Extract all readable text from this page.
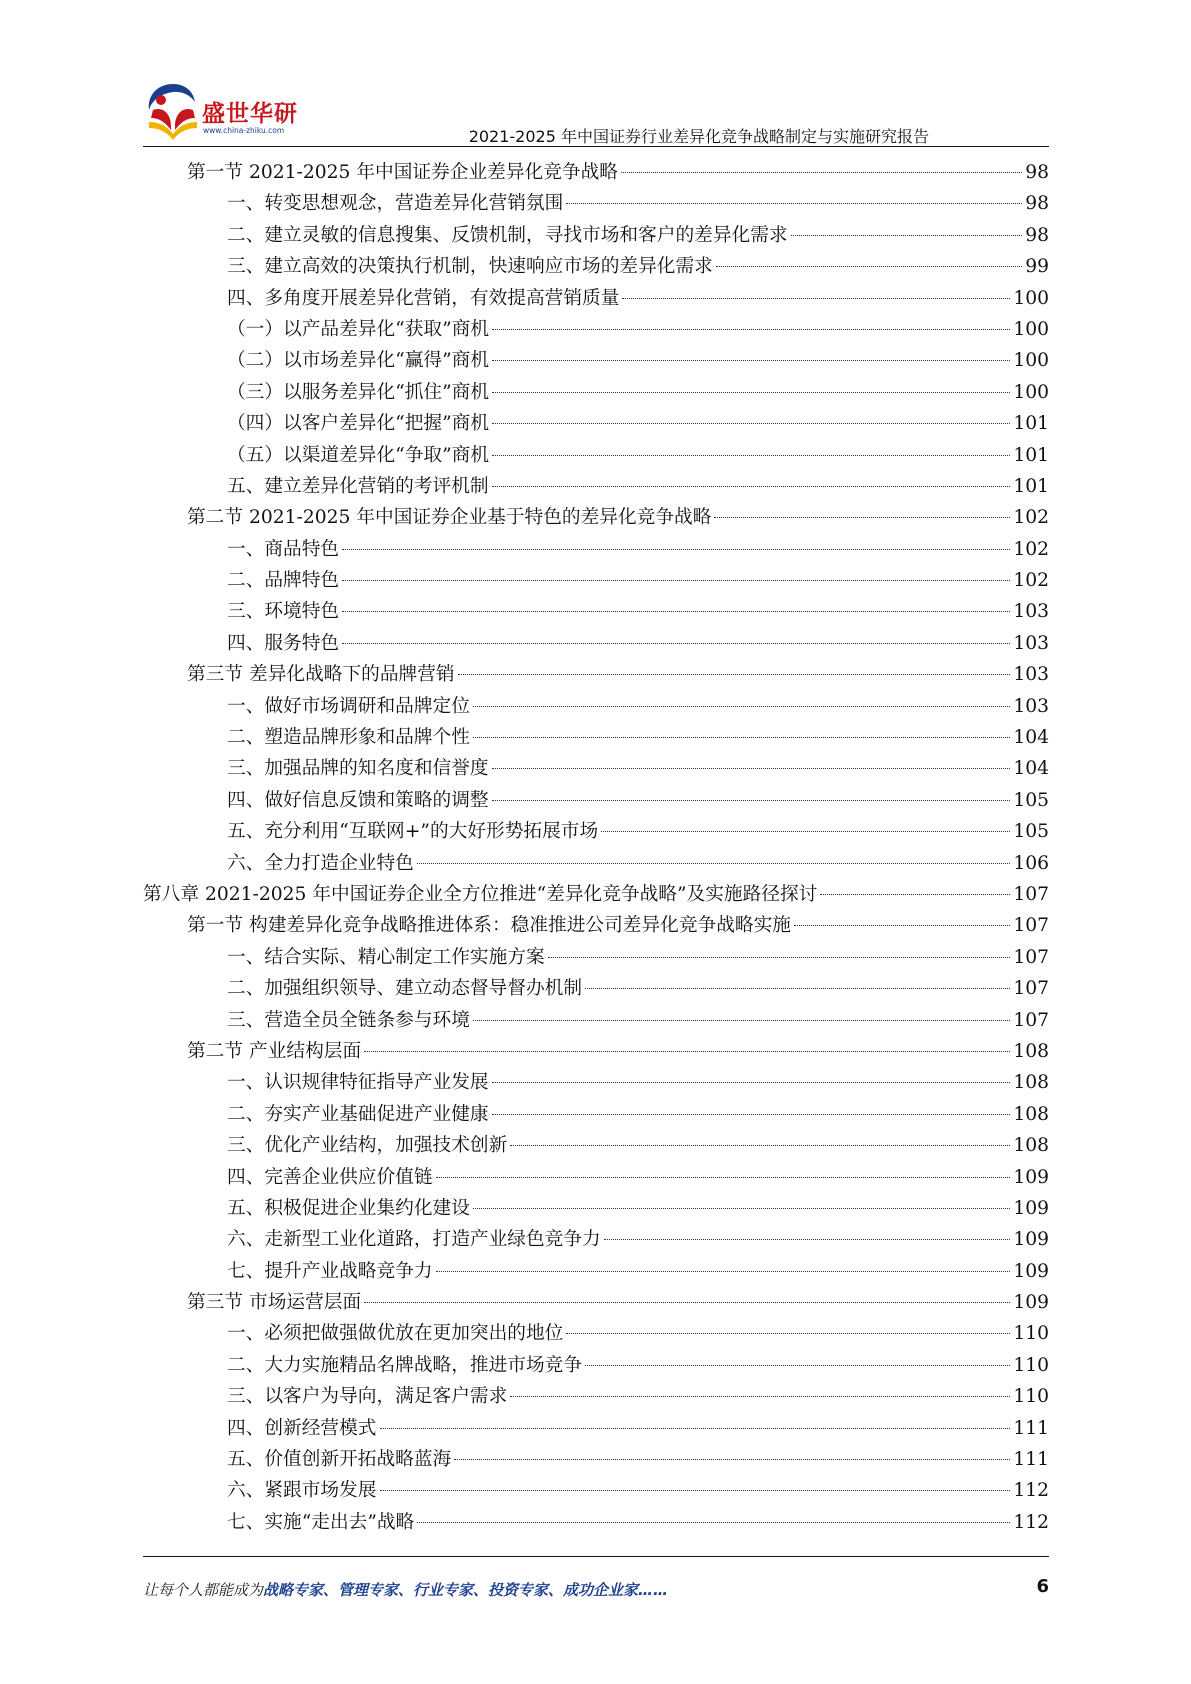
盛世华研
www.china-zhiku.com	2021-2025 年中国证券行业差异化竞争战略制定与实施研究报告
第一节 2021-2025 年中国证券企业差异化竞争战略	98
一、转变思想观念，营造差异化营销氛围	98
二、建立灵敏的信息搜集、反馈机制，寻找市场和客户的差异化需求	98
三、建立高效的决策执行机制，快速响应市场的差异化需求	99
四、多角度开展差异化营销，有效提高营销质量	100
（一）以产品差异化“获取”商机	100
（二）以市场差异化“赢得”商机	100
（三）以服务差异化“抓住”商机	100
（四）以客户差异化“把握”商机	101
（五）以渠道差异化“争取”商机	101
五、建立差异化营销的考评机制	101
第二节 2021-2025 年中国证券企业基于特色的差异化竞争战略	102
一、商品特色	102
二、品牌特色	102
三、环境特色	103
四、服务特色	103
第三节 差异化战略下的品牌营销	103
一、做好市场调研和品牌定位	103
二、塑造品牌形象和品牌个性	104
三、加强品牌的知名度和信誉度	104
四、做好信息反馈和策略的调整	105
五、充分利用“互联网+”的大好形势拓展市场	105
六、全力打造企业特色	106
第八章 2021-2025 年中国证券企业全方位推进“差异化竞争战略”及实施路径探讨	107
第一节 构建差异化竞争战略推进体系：稳准推进公司差异化竞争战略实施	107
一、结合实际、精心制定工作实施方案	107
二、加强组织领导、建立动态督导督办机制	107
三、营造全员全链条参与环境	107
第二节 产业结构层面	108
一、认识规律特征指导产业发展	108
二、夯实产业基础促进产业健康	108
三、优化产业结构，加强技术创新	108
四、完善企业供应价值链	109
五、积极促进企业集约化建设	109
六、走新型工业化道路，打造产业绿色竞争力	109
七、提升产业战略竞争力	109
第三节 市场运营层面	109
一、必须把做强做优放在更加突出的地位	110
二、大力实施精品名牌战略，推进市场竞争	110
三、以客户为导向，满足客户需求	110
四、创新经营模式	111
五、价值创新开拓战略蓝海	111
六、紧跟市场发展	112
七、实施“走出去”战略	112
让每个人都能成为 战略专家、管理专家、行业专家、投资专家、成功企业家……	6
